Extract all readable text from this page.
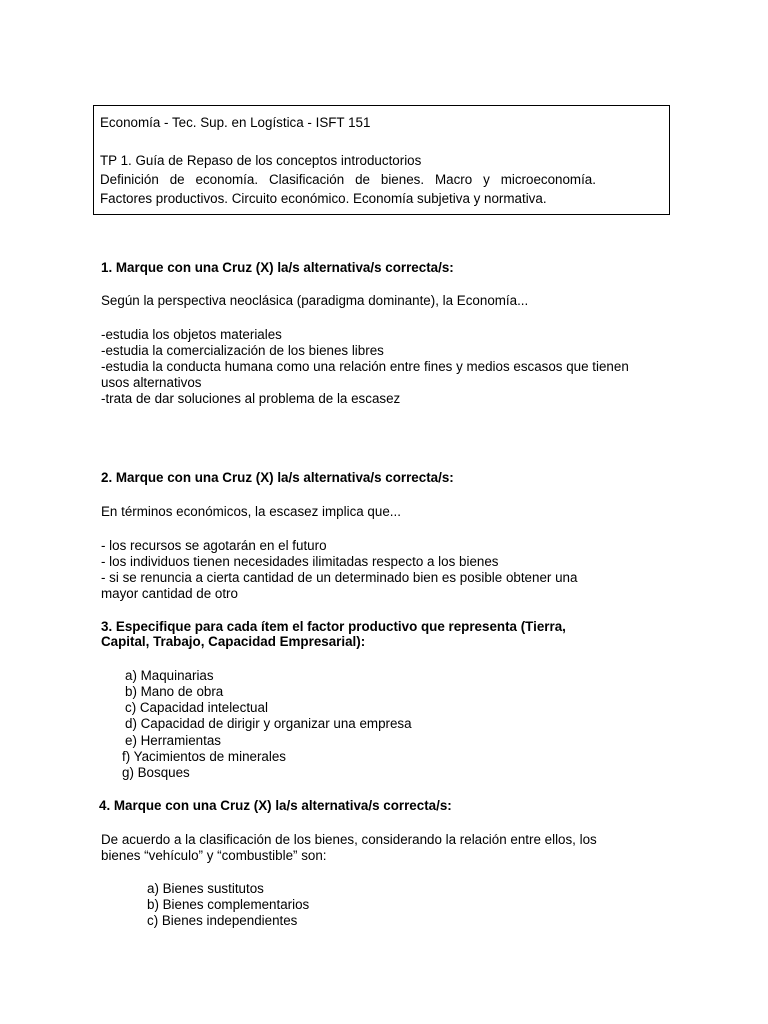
Economía - Tec. Sup. en Logística - ISFT 151
TP 1. Guía de Repaso de los conceptos introductorios
Definición de economía. Clasificación de bienes. Macro y microeconomía.
Factores productivos. Circuito económico. Economía subjetiva y normativa.
1. Marque con una Cruz (X) la/s alternativa/s correcta/s:
Según la perspectiva neoclásica (paradigma dominante), la Economía...
-estudia los objetos materiales
-estudia la comercialización de los bienes libres
-estudia la conducta humana como una relación entre fines y medios escasos que tienen
usos alternativos
-trata de dar soluciones al problema de la escasez
2. Marque con una Cruz (X) la/s alternativa/s correcta/s:
En términos económicos, la escasez implica que...
- los recursos se agotarán en el futuro
- los individuos tienen necesidades ilimitadas respecto a los bienes
- si se renuncia a cierta cantidad de un determinado bien es posible obtener una
mayor cantidad de otro
3. Especifique para cada ítem el factor productivo que representa (Tierra,
Capital, Trabajo, Capacidad Empresarial):
a) Maquinarias
b) Mano de obra
c) Capacidad intelectual
d) Capacidad de dirigir y organizar una empresa
e) Herramientas
f) Yacimientos de minerales
g) Bosques
4. Marque con una Cruz (X) la/s alternativa/s correcta/s:
De acuerdo a la clasificación de los bienes, considerando la relación entre ellos, los
bienes “vehículo” y “combustible” son:
a) Bienes sustitutos
b) Bienes complementarios
c) Bienes independientes
